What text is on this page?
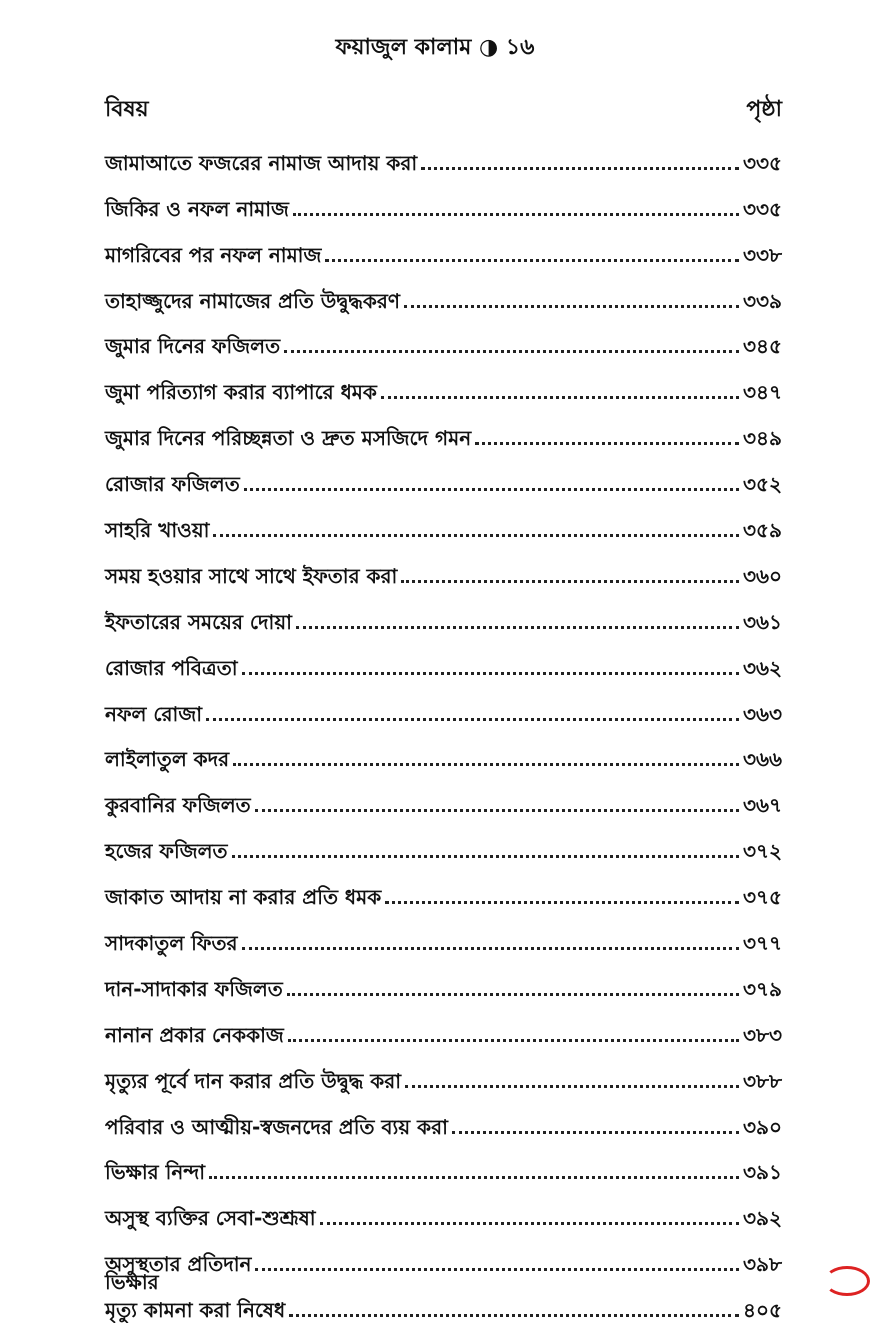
ফয়াজুল কালাম ◑ ১৬
বিষয়	পৃষ্ঠা
জামাআতে ফজরের নামাজ আদায় করা	৩৩৫
জিকির ও নফল নামাজ	৩৩৫
মাগরিবের পর নফল নামাজ	৩৩৮
তাহাজ্জুদের নামাজের প্রতি উদ্বুদ্ধকরণ	৩৩৯
জুমার দিনের ফজিলত	৩৪৫
জুমা পরিত্যাগ করার ব্যাপারে ধমক	৩৪৭
জুমার দিনের পরিচ্ছন্নতা ও দ্রুত মসজিদে গমন	৩৪৯
রোজার ফজিলত	৩৫২
সাহরি খাওয়া	৩৫৯
সময় হওয়ার সাথে সাথে ইফতার করা	৩৬০
ইফতারের সময়ের দোয়া	৩৬১
রোজার পবিত্রতা	৩৬২
নফল রোজা	৩৬৩
লাইলাতুল কদর	৩৬৬
কুরবানির ফজিলত	৩৬৭
হজের ফজিলত	৩৭২
জাকাত আদায় না করার প্রতি ধমক	৩৭৫
সাদকাতুল ফিতর	৩৭৭
দান-সাদাকার ফজিলত	৩৭৯
নানান প্রকার নেককাজ	৩৮৩
মৃত্যুর পূর্বে দান করার প্রতি উদ্বুদ্ধ করা	৩৮৮
পরিবার ও আত্মীয়-স্বজনদের প্রতি ব্যয় করা	৩৯০
ভিক্ষার নিন্দা	৩৯১
অসুস্থ ব্যক্তির সেবা-শুশ্রূষা	৩৯২
অসুস্থতার প্রতিদান	৩৯৮
মৃত্যু কামনা করা নিষেধ	৪০৫
ভিক্ষার
